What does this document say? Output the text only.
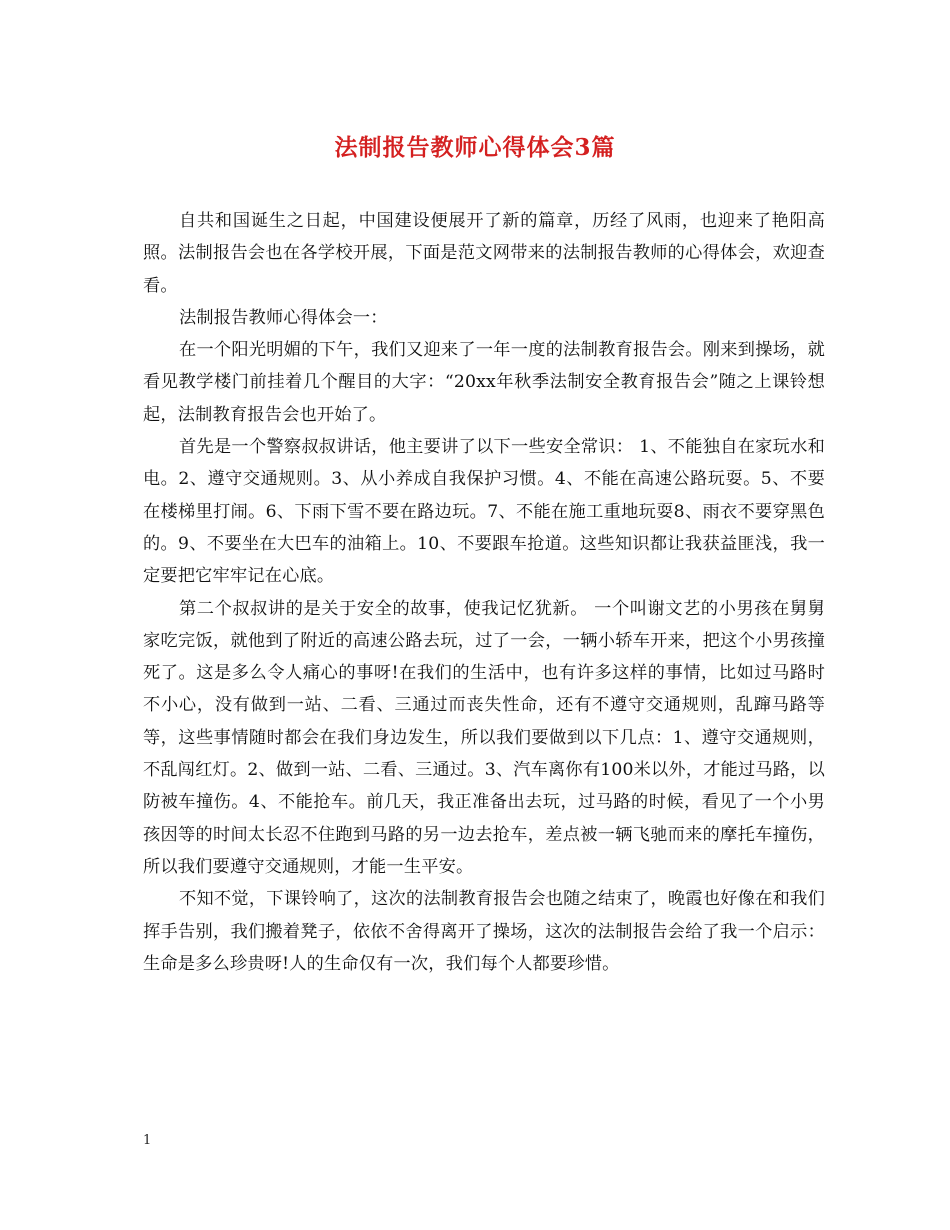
法制报告教师心得体会3篇

自共和国诞生之日起，中国建设便展开了新的篇章，历经了风雨，也迎来了艳阳高照。法制报告会也在各学校开展，下面是范文网带来的法制报告教师的心得体会，欢迎查看。

法制报告教师心得体会一：

在一个阳光明媚的下午，我们又迎来了一年一度的法制教育报告会。刚来到操场，就看见教学楼门前挂着几个醒目的大字：“20xx年秋季法制安全教育报告会”随之上课铃想起，法制教育报告会也开始了。

首先是一个警察叔叔讲话，他主要讲了以下一些安全常识： 1、不能独自在家玩水和电。2、遵守交通规则。3、从小养成自我保护习惯。4、不能在高速公路玩耍。5、不要在楼梯里打闹。6、下雨下雪不要在路边玩。7、不能在施工重地玩耍8、雨衣不要穿黑色的。9、不要坐在大巴车的油箱上。10、不要跟车抢道。这些知识都让我获益匪浅，我一定要把它牢牢记在心底。

第二个叔叔讲的是关于安全的故事，使我记忆犹新。 一个叫谢文艺的小男孩在舅舅家吃完饭，就他到了附近的高速公路去玩，过了一会，一辆小轿车开来，把这个小男孩撞死了。这是多么令人痛心的事呀!在我们的生活中，也有许多这样的事情，比如过马路时不小心，没有做到一站、二看、三通过而丧失性命，还有不遵守交通规则，乱蹿马路等等，这些事情随时都会在我们身边发生，所以我们要做到以下几点：1、遵守交通规则，不乱闯红灯。2、做到一站、二看、三通过。3、汽车离你有100米以外，才能过马路，以防被车撞伤。4、不能抢车。前几天，我正准备出去玩，过马路的时候，看见了一个小男孩因等的时间太长忍不住跑到马路的另一边去抢车，差点被一辆飞驰而来的摩托车撞伤，所以我们要遵守交通规则，才能一生平安。

不知不觉，下课铃响了，这次的法制教育报告会也随之结束了，晚霞也好像在和我们挥手告别，我们搬着凳子，依依不舍得离开了操场，这次的法制报告会给了我一个启示：生命是多么珍贵呀!人的生命仅有一次，我们每个人都要珍惜。

1
